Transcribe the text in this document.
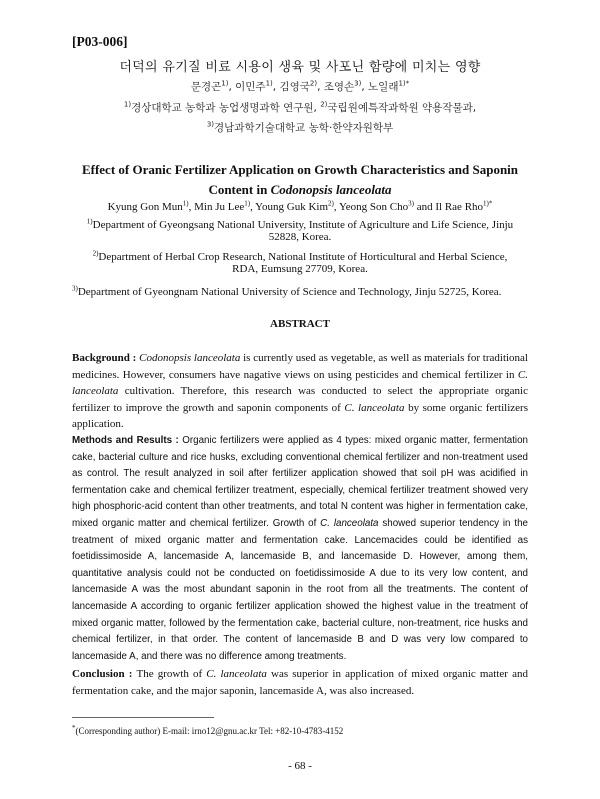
[P03-006]
더덕의 유기질 비료 시용이 생육 및 사포닌 함량에 미치는 영향
문경곤$^{1)}$, 이민주$^{1)}$, 김영국$^{2)}$, 조영손$^{3)}$, 노일래$^{1)*}$
$^{1)}$경상대학교 농학과 농업생명과학 연구원, $^{2)}$국립원예특작과학원 약용작물과,
$^{3)}$경남과학기술대학교 농학·한약자원학부
Effect of Oranic Fertilizer Application on Growth Characteristics and Saponin
Content in Codonopsis lanceolata
Kyung Gon Mun$^{1)}$, Min Ju Lee$^{1)}$, Young Guk Kim$^{2)}$, Yeong Son Cho$^{3)}$ and Il Rae Rho$^{1)*}$
$^{1)}$Department of Gyeongsang National University, Institute of Agriculture and Life Science, Jinju
52828, Korea.
$^{2)}$Department of Herbal Crop Research, National Institute of Horticultural and Herbal Science,
RDA, Eumsung 27709, Korea.
$^{3)}$Department of Gyeongnam National University of Science and Technology, Jinju 52725, Korea.
ABSTRACT
Background : Codonopsis lanceolata is currently used as vegetable, as well as materials for traditional medicines. However, consumers have nagative views on using pesticides and chemical fertilizer in C. lanceolata cultivation. Therefore, this research was conducted to select the appropriate organic fertilizer to improve the growth and saponin components of C. lanceolata by some organic fertilizers application.
Methods and Results : Organic fertilizers were applied as 4 types: mixed organic matter, fermentation cake, bacterial culture and rice husks, excluding conventional chemical fertilizer and non-treatment used as control. The result analyzed in soil after fertilizer application showed that soil pH was acidified in fermentation cake and chemical fertilizer treatment, especially, chemical fertilizer treatment showed very high phosphoric-acid content than other treatments, and total N content was higher in fermentation cake, mixed organic matter and chemical fertilizer. Growth of C. lanceolata showed superior tendency in the treatment of mixed organic matter and fermentation cake. Lancemacides could be identified as foetidissimoside A, lancemaside A, lancemaside B, and lancemaside D. However, among them, quantitative analysis could not be conducted on foetidissimoside A due to its very low content, and lancemaside A was the most abundant saponin in the root from all the treatments. The content of lancemaside A according to organic fertilizer application showed the highest value in the treatment of mixed organic matter, followed by the fermentation cake, bacterial culture, non-treatment, rice husks and chemical fertilizer, in that order. The content of lancemaside B and D was very low compared to lancemaside A, and there was no difference among treatments.
Conclusion : The growth of C. lanceolata was superior in application of mixed organic matter and fermentation cake, and the major saponin, lancemaside A, was also increased.
*(Corresponding author) E-mail: irno12@gnu.ac.kr Tel: +82-10-4783-4152
- 68 -
